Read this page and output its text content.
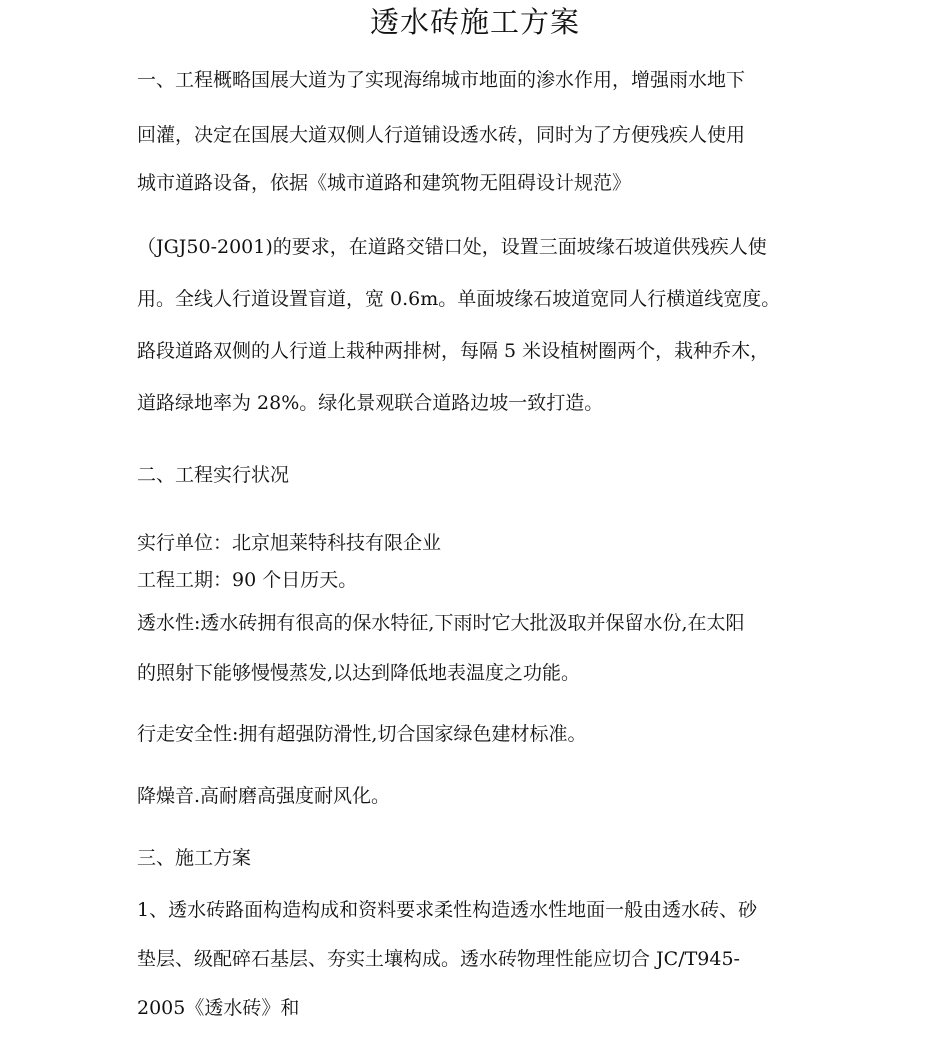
透水砖施工方案

一、工程概略国展大道为了实现海绵城市地面的渗水作用，增强雨水地下

回灌，决定在国展大道双侧人行道铺设透水砖，同时为了方便残疾人使用

城市道路设备，依据《城市道路和建筑物无阻碍设计规范》

（JGJ50-2001)的要求，在道路交错口处，设置三面坡缘石坡道供残疾人使

用。全线人行道设置盲道，宽 0.6m。单面坡缘石坡道宽同人行横道线宽度。

路段道路双侧的人行道上栽种两排树，每隔 5 米设植树圈两个，栽种乔木，

道路绿地率为 28%。绿化景观联合道路边坡一致打造。

二、工程实行状况

实行单位：北京旭莱特科技有限企业

工程工期：90 个日历天。

透水性:透水砖拥有很高的保水特征,下雨时它大批汲取并保留水份,在太阳

的照射下能够慢慢蒸发,以达到降低地表温度之功能。

行走安全性:拥有超强防滑性,切合国家绿色建材标准。

降燥音.高耐磨高强度耐风化。

三、施工方案

1、透水砖路面构造构成和资料要求柔性构造透水性地面一般由透水砖、砂

垫层、级配碎石基层、夯实土壤构成。透水砖物理性能应切合 JC/T945-

2005《透水砖》和
